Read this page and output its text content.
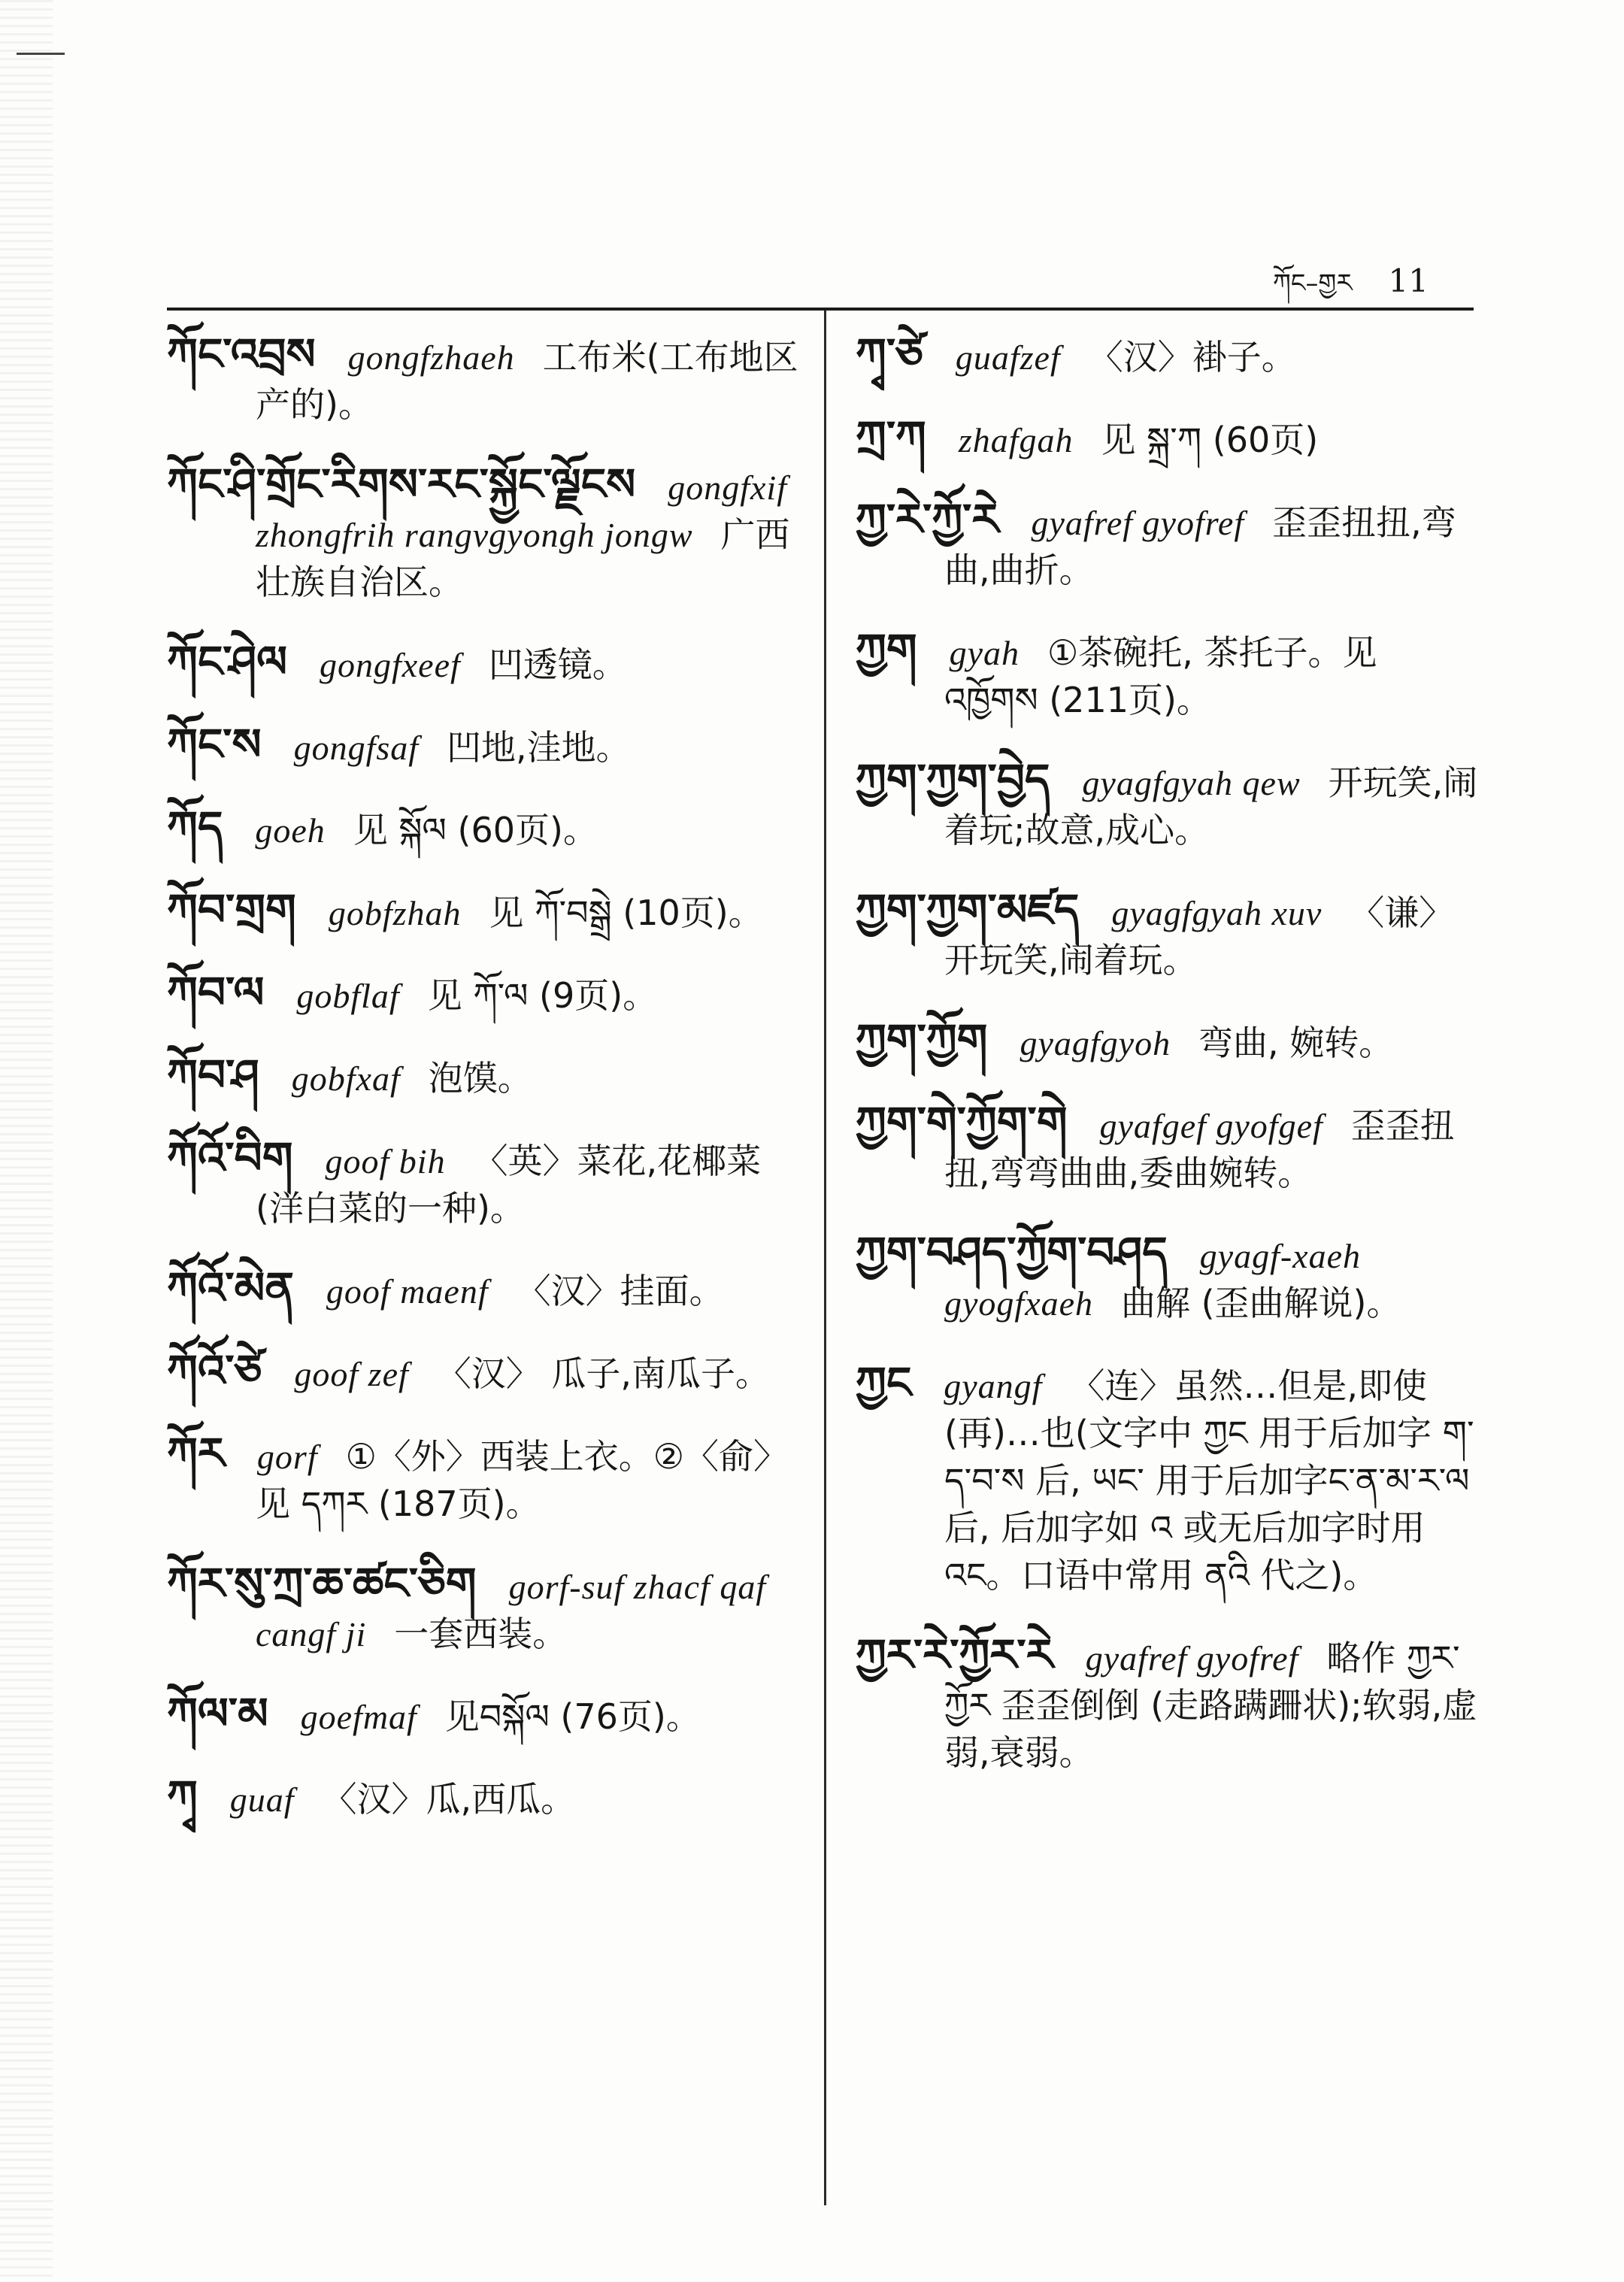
ཀོང–གྱར 11
ཀོང་འབྲས gongfzhaeh 工布米(工布地区产的)。
ཀོང་ཤི་གྲོང་རིགས་རང་སྐྱོང་ལྗོངས gongfxif zhongfrih rangvgyongh jongw 广西壮族自治区。
ཀོང་ཤེལ gongfxeef 凹透镜。
ཀོང་ས gongfsaf 凹地,洼地。
ཀོད goeh 见 སྐོལ (60页)。
ཀོབ་གྲག gobfzhah 见 ཀོ་བསྒྲེ (10页)。
ཀོབ་ལ gobflaf 见 ཀོ་ལ (9页)。
ཀོབ་ཤ gobfxaf 泡馍。
ཀོའོ་བིག goof bih 〈英〉菜花,花椰菜(洋白菜的一种)。
ཀོའོ་མེན goof maenf 〈汉〉挂面。
ཀོའོ་ཙེ goof zef 〈汉〉 瓜子,南瓜子。
ཀོར gorf ①〈外〉西装上衣。②〈俞〉见 དཀར (187页)。
ཀོར་སུ་ཀྲ་ཆ་ཚང་ཅིག gorf-suf zhacf qaf cangf ji 一套西装。
ཀོལ་མ goefmaf 见བསྐོལ (76页)。
ཀྭ guaf 〈汉〉瓜,西瓜。
ཀྭ་ཙེ guafzef 〈汉〉褂子。
ཀྲ་ཀ zhafgah 见 སྐྲ་ཀ (60页)
ཀྱ་རེ་ཀྱོ་རེ gyafref gyofref 歪歪扭扭,弯曲,曲折。
ཀྱག gyah ①茶碗托, 茶托子。见 འཁྱོགས (211页)。
ཀྱག་ཀྱག་བྱེད gyagfgyah qew 开玩笑,闹着玩;故意,成心。
ཀྱག་ཀྱག་མཛད gyagfgyah xuv 〈谦〉开玩笑,闹着玩。
ཀྱག་ཀྱོག gyagfgyoh 弯曲, 婉转。
ཀྱག་གེ་ཀྱོག་གེ gyafgef gyofgef 歪歪扭扭,弯弯曲曲,委曲婉转。
ཀྱག་བཤད་ཀྱོག་བཤད gyagf-xaeh gyogfxaeh 曲解 (歪曲解说)。
ཀྱང gyangf 〈连〉虽然…但是,即使(再)…也(文字中 ཀྱང 用于后加字 ག་ད་བ་ས 后, ཡང་ 用于后加字ང་ན་མ་ར་ལ 后, 后加字如 འ 或无后加字时用 འང。口语中常用 ནའི 代之)。
ཀྱར་རེ་ཀྱོར་རེ gyafref gyofref 略作 ཀྱར་ཀྱོར 歪歪倒倒 (走路蹒跚状);软弱,虚弱,衰弱。
